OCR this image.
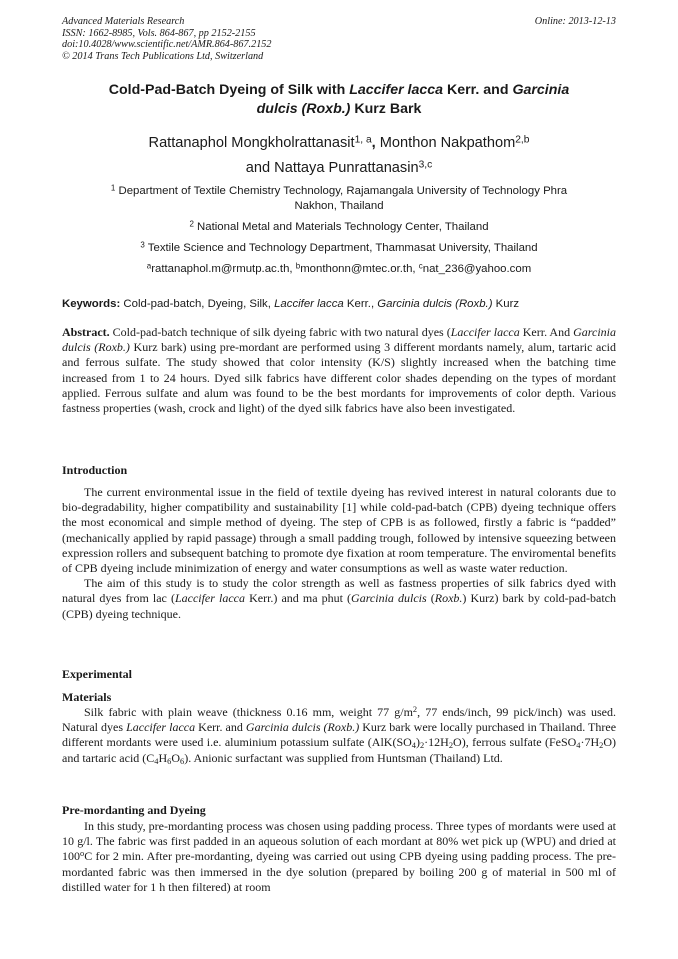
Advanced Materials Research
ISSN: 1662-8985, Vols. 864-867, pp 2152-2155
doi:10.4028/www.scientific.net/AMR.864-867.2152
© 2014 Trans Tech Publications Ltd, Switzerland
Online: 2013-12-13
Cold-Pad-Batch Dyeing of Silk with Laccifer lacca Kerr. and Garcinia
dulcis (Roxb.) Kurz Bark
Rattanaphol Mongkholrattanasit$^{1, a}$, Monthon Nakpathom$^{2,b}$
and Nattaya Punrattanasin$^{3,c}$
$^1$ Department of Textile Chemistry Technology, Rajamangala University of Technology Phra
Nakhon, Thailand
$^2$ National Metal and Materials Technology Center, Thailand
$^3$ Textile Science and Technology Department, Thammasat University, Thailand
$^a$rattanaphol.m@rmutp.ac.th, $^b$monthonn@mtec.or.th, $^c$nat_236@yahoo.com
Keywords: Cold-pad-batch, Dyeing, Silk, Laccifer lacca Kerr., Garcinia dulcis (Roxb.) Kurz

Abstract. Cold-pad-batch technique of silk dyeing fabric with two natural dyes (Laccifer lacca Kerr. And Garcinia dulcis (Roxb.) Kurz bark) using pre-mordant are performed using 3 different mordants namely, alum, tartaric acid and ferrous sulfate. The study showed that color intensity (K/S) slightly increased when the batching time increased from 1 to 24 hours. Dyed silk fabrics have different color shades depending on the types of mordant applied. Ferrous sulfate and alum was found to be the best mordants for improvements of color depth. Various fastness properties (wash, crock and light) of the dyed silk fabrics have also been investigated.

Introduction

The current environmental issue in the field of textile dyeing has revived interest in natural colorants due to bio-degradability, higher compatibility and sustainability [1] while cold-pad-batch (CPB) dyeing technique offers the most economical and simple method of dyeing. The step of CPB is as followed, firstly a fabric is “padded” (mechanically applied by rapid passage) through a small padding trough, followed by intensive squeezing between expression rollers and subsequent batching to promote dye fixation at room temperature. The enviromental benefits of CPB dyeing include minimization of energy and water consumptions as well as waste water reduction.

The aim of this study is to study the color strength as well as fastness properties of silk fabrics dyed with natural dyes from lac (Laccifer lacca Kerr.) and ma phut (Garcinia dulcis (Roxb.) Kurz) bark by cold-pad-batch (CPB) dyeing technique.

Experimental
Materials

Silk fabric with plain weave (thickness 0.16 mm, weight 77 $g/m^2$, 77 ends/inch, 99 pick/inch) was used. Natural dyes Laccifer lacca Kerr. and Garcinia dulcis (Roxb.) Kurz bark were locally purchased in Thailand. Three different mordants were used i.e. aluminium potassium sulfate $(AlK(SO_4)_2\cdot 12H_2O)$, ferrous sulfate $(FeSO_4\cdot 7H_2O)$ and tartaric acid $(C_4H_6O_6)$. Anionic surfactant was supplied from Huntsman (Thailand) Ltd.

Pre-mordanting and Dyeing

In this study, pre-mordanting process was chosen using padding process. Three types of mordants were used at 10 g/l. The fabric was first padded in an aqueous solution of each mordant at 80% wet pick up (WPU) and dried at 100$^o$C for 2 min. After pre-mordanting, dyeing was carried out using CPB dyeing using padding process. The pre-mordanted fabric was then immersed in the dye solution (prepared by boiling 200 g of material in 500 ml of distilled water for 1 h then filtered) at room
